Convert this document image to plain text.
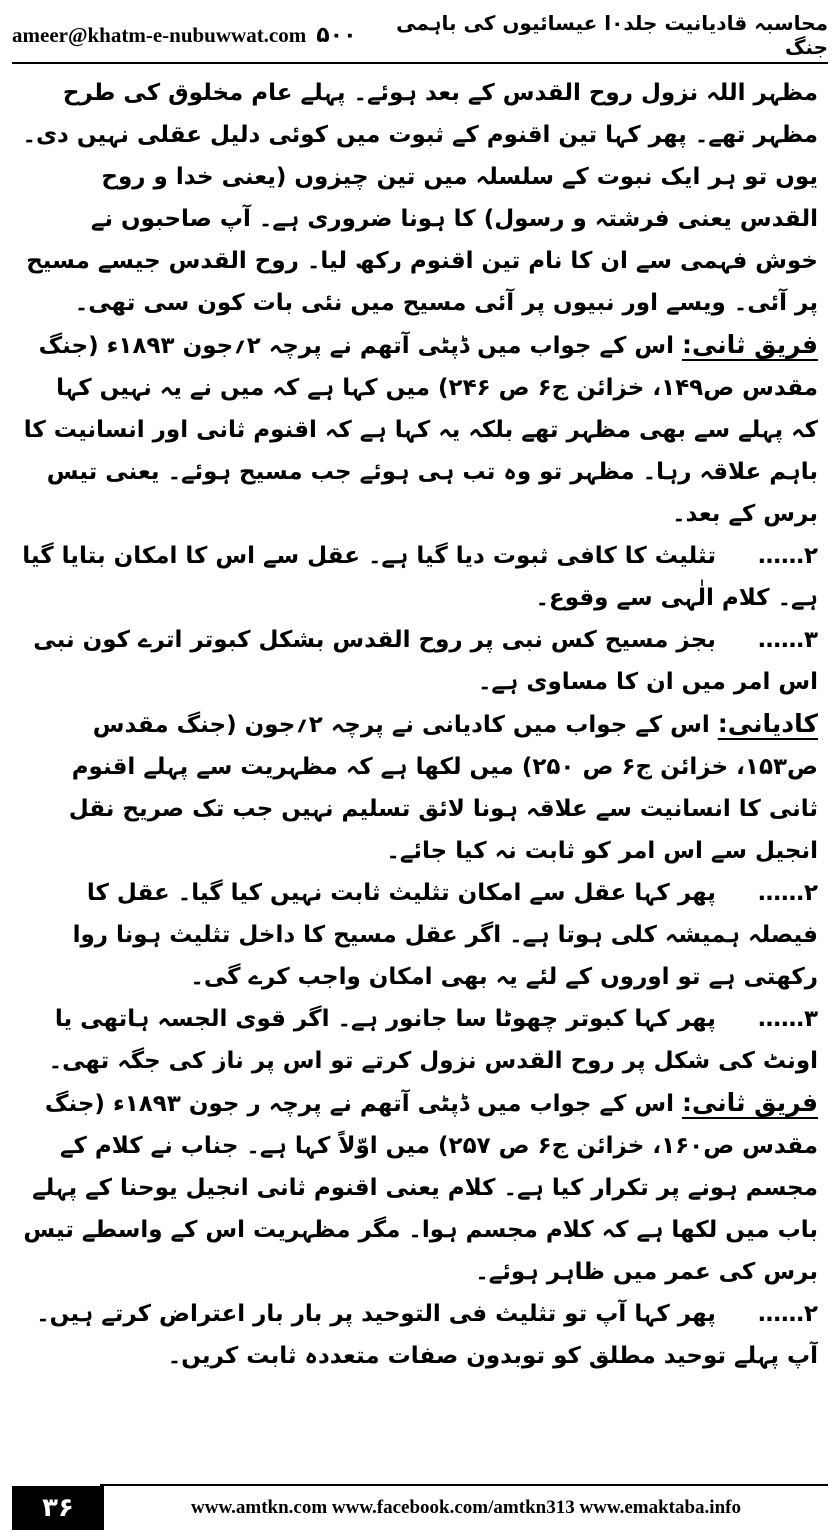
ameer@khatm-e-nubuwwat.com ۵۰۰	محاسبہ قادیانیت جلد۰ا عیسائیوں کی باہمی جنگ

مظہر اللہ نزول روح القدس کے بعد ہوئے۔ پہلے عام مخلوق کی طرح مظہر تھے۔ پھر کہا تین اقنوم کے ثبوت میں کوئی دلیل عقلی نہیں دی۔ یوں تو ہر ایک نبوت کے سلسلہ میں تین چیزوں (یعنی خدا و روح القدس یعنی فرشتہ و رسول) کا ہونا ضروری ہے۔ آپ صاحبوں نے خوش فہمی سے ان کا نام تین اقنوم رکھ لیا۔ روح القدس جیسے مسیح پر آئی۔ ویسے اور نبیوں پر آئی مسیح میں نئی بات کون سی تھی۔

فریق ثانی: اس کے جواب میں ڈپٹی آتھم نے پرچہ ۲؍جون ۱۸۹۳ء (جنگ مقدس ص۱۴۹، خزائن ج۶ ص ۲۴۶) میں کہا ہے کہ میں نے یہ نہیں کہا کہ پہلے سے بھی مظہر تھے بلکہ یہ کہا ہے کہ اقنوم ثانی اور انسانیت کا باہم علاقہ رہا۔ مظہر تو وہ تب ہی ہوئے جب مسیح ہوئے۔ یعنی تیس برس کے بعد۔

۲……تثلیث کا کافی ثبوت دیا گیا ہے۔ عقل سے اس کا امکان بتایا گیا ہے۔ کلام الٰہی سے وقوع۔

۳……بجز مسیح کس نبی پر روح القدس بشکل کبوتر اترے کون نبی اس امر میں ان کا مساوی ہے۔

کادیانی: اس کے جواب میں کادیانی نے پرچہ ۲؍جون (جنگ مقدس ص۱۵۳، خزائن ج۶ ص ۲۵۰) میں لکھا ہے کہ مظہریت سے پہلے اقنوم ثانی کا انسانیت سے علاقہ ہونا لائق تسلیم نہیں جب تک صریح نقل انجیل سے اس امر کو ثابت نہ کیا جائے۔

۲……پھر کہا عقل سے امکان تثلیث ثابت نہیں کیا گیا۔ عقل کا فیصلہ ہمیشہ کلی ہوتا ہے۔ اگر عقل مسیح کا داخل تثلیث ہونا روا رکھتی ہے تو اوروں کے لئے یہ بھی امکان واجب کرے گی۔

۳……پھر کہا کبوتر چھوٹا سا جانور ہے۔ اگر قوی الجسہ ہاتھی یا اونٹ کی شکل پر روح القدس نزول کرتے تو اس پر ناز کی جگہ تھی۔

فریق ثانی: اس کے جواب میں ڈپٹی آتھم نے پرچہ ر جون ۱۸۹۳ء (جنگ مقدس ص۱۶۰، خزائن ج۶ ص ۲۵۷) میں اوّلاً کہا ہے۔ جناب نے کلام کے مجسم ہونے پر تکرار کیا ہے۔ کلام یعنی اقنوم ثانی انجیل یوحنا کے پہلے باب میں لکھا ہے کہ کلام مجسم ہوا۔ مگر مظہریت اس کے واسطے تیس برس کی عمر میں ظاہر ہوئے۔

۲……پھر کہا آپ تو تثلیث فی التوحید پر بار بار اعتراض کرتے ہیں۔ آپ پہلے توحید مطلق کو توبدون صفات متعددہ ثابت کریں۔

۳۶	www.amtkn.com www.facebook.com/amtkn313 www.emaktaba.info
